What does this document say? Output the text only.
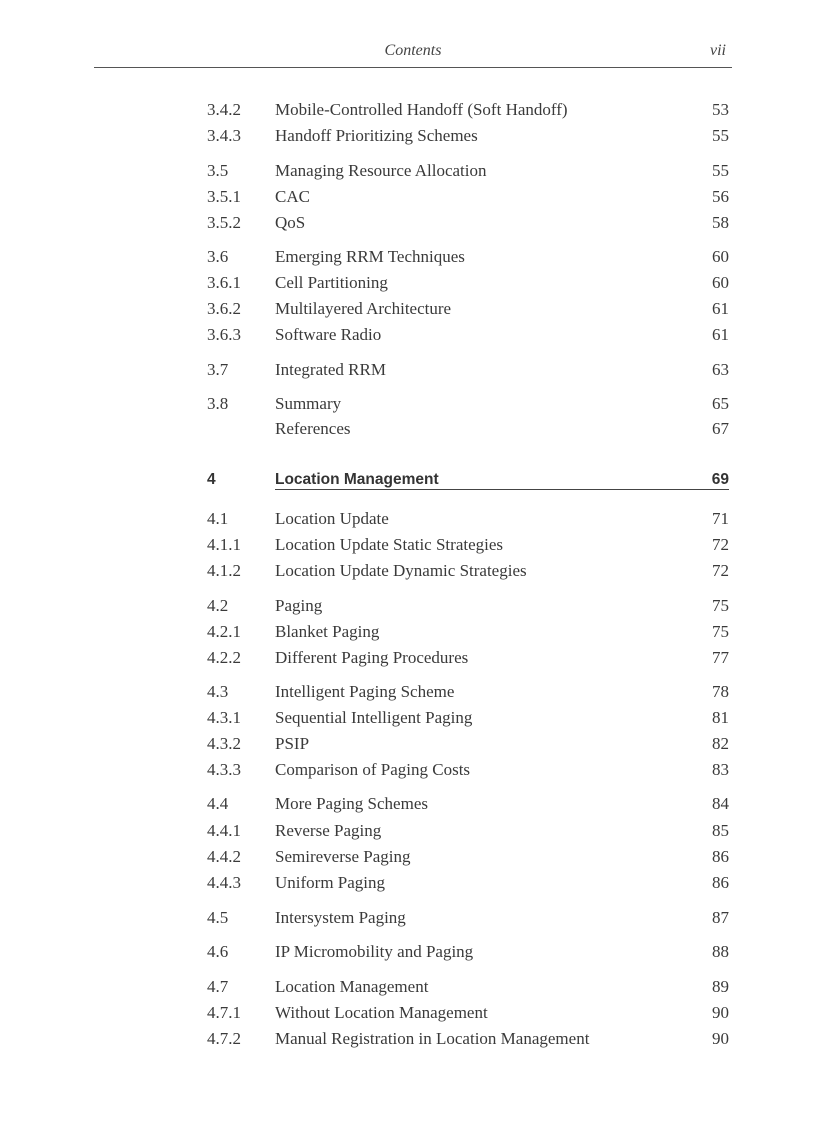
Contents	vii
3.4.2 Mobile-Controlled Handoff (Soft Handoff)	53
3.4.3 Handoff Prioritizing Schemes	55
3.5	Managing Resource Allocation	55
3.5.1 CAC	56
3.5.2 QoS	58
3.6	Emerging RRM Techniques	60
3.6.1 Cell Partitioning	60
3.6.2 Multilayered Architecture	61
3.6.3 Software Radio	61
3.7	Integrated RRM	63
3.8	Summary	65
References	67
4	Location Management	69
4.1	Location Update	71
4.1.1 Location Update Static Strategies	72
4.1.2 Location Update Dynamic Strategies	72
4.2	Paging	75
4.2.1 Blanket Paging	75
4.2.2 Different Paging Procedures	77
4.3	Intelligent Paging Scheme	78
4.3.1 Sequential Intelligent Paging	81
4.3.2 PSIP	82
4.3.3 Comparison of Paging Costs	83
4.4	More Paging Schemes	84
4.4.1 Reverse Paging	85
4.4.2 Semireverse Paging	86
4.4.3 Uniform Paging	86
4.5	Intersystem Paging	87
4.6	IP Micromobility and Paging	88
4.7	Location Management	89
4.7.1 Without Location Management	90
4.7.2 Manual Registration in Location Management	90
